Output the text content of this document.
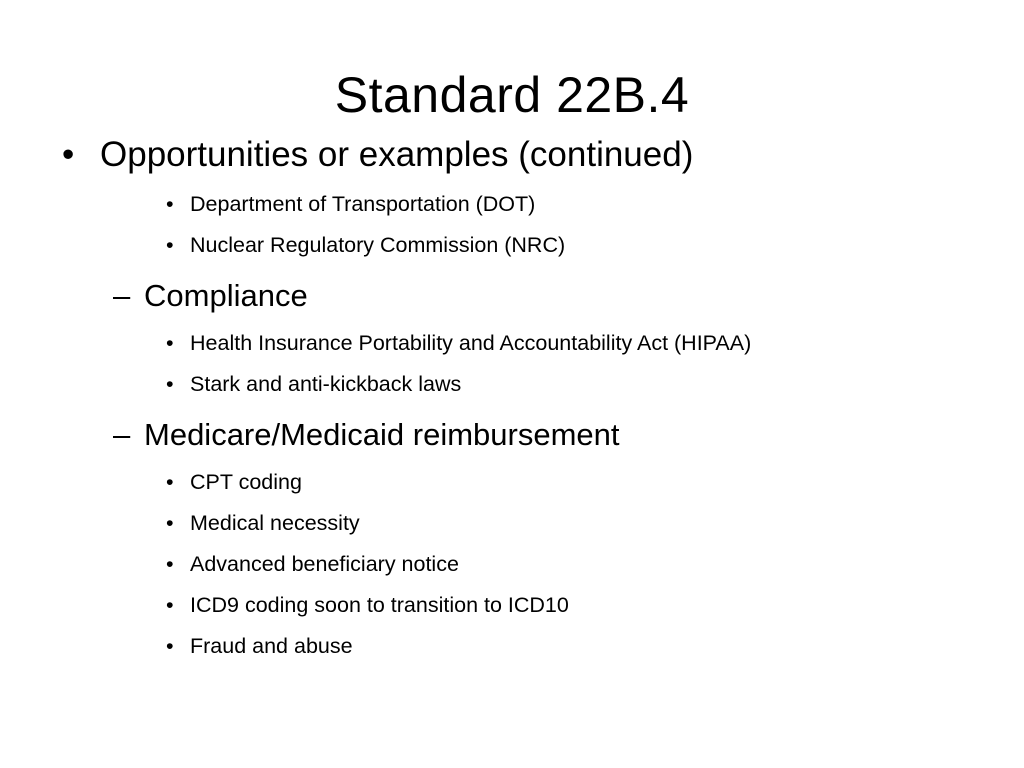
Standard 22B.4
• Opportunities or examples (continued)
• Department of Transportation (DOT)
• Nuclear Regulatory Commission (NRC)
– Compliance
• Health Insurance Portability and Accountability Act (HIPAA)
• Stark and anti-kickback laws
– Medicare/Medicaid reimbursement
• CPT coding
• Medical necessity
• Advanced beneficiary notice
• ICD9 coding soon to transition to ICD10
• Fraud and abuse
